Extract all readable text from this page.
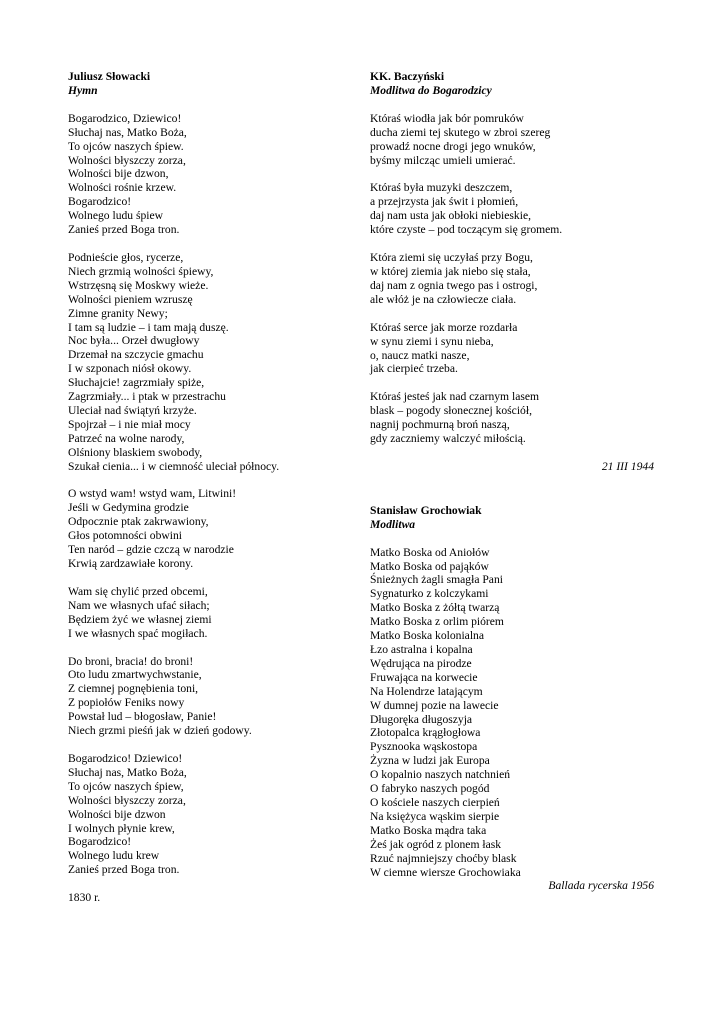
Juliusz Słowacki

Hymn

Bogarodzico, Dziewico!
Słuchaj nas, Matko Boża,
To ojców naszych śpiew.
Wolności błyszczy zorza,
Wolności bije dzwon,
Wolności rośnie krzew.
Bogarodzico!
Wolnego ludu śpiew
Zanieś przed Boga tron.
Podnieście głos, rycerze,
Niech grzmią wolności śpiewy,
Wstrzęsną się Moskwy wieże.
Wolności pieniem wzruszę
Zimne granity Newy;
I tam są ludzie – i tam mają duszę.
Noc była... Orzeł dwugłowy
Drzemał na szczycie gmachu
I w szponach niósł okowy.
Słuchajcie! zagrzmiały spiże,
Zagrzmiały... i ptak w przestrachu
Uleciał nad świątyń krzyże.
Spojrzał – i nie miał mocy
Patrzeć na wolne narody,
Olśniony blaskiem swobody,
Szukał cienia... i w ciemność uleciał północy.
O wstyd wam! wstyd wam, Litwini!
Jeśli w Gedymina grodzie
Odpocznie ptak zakrwawiony,
Głos potomności obwini
Ten naród – gdzie czczą w narodzie
Krwią zardzawiałe korony.
Wam się chylić przed obcemi,
Nam we własnych ufać siłach;
Będziem żyć we własnej ziemi
I we własnych spać mogiłach.
Do broni, bracia! do broni!
Oto ludu zmartwychwstanie,
Z ciemnej pognębienia toni,
Z popiołów Feniks nowy
Powstał lud – błogosław, Panie!
Niech grzmi pieśń jak w dzień godowy.
Bogarodzico! Dziewico!
Słuchaj nas, Matko Boża,
To ojców naszych śpiew,
Wolności błyszczy zorza,
Wolności bije dzwon
I wolnych płynie krew,
Bogarodzico!
Wolnego ludu krew
Zanieś przed Boga tron.

1830 r.

KK. Baczyński

Modlitwa do Bogarodzicy

Któraś wiodła jak bór pomruków
ducha ziemi tej skutego w zbroi szereg
prowadź nocne drogi jego wnuków,
byśmy milcząc umieli umierać.
Któraś była muzyki deszczem,
a przejrzysta jak świt i płomień,
daj nam usta jak obłoki niebieskie,
które czyste – pod toczącym się gromem.
Która ziemi się uczyłaś przy Bogu,
w której ziemia jak niebo się stała,
daj nam z ognia twego pas i ostrogi,
ale włóż je na człowiecze ciała.
Któraś serce jak morze rozdarła
w synu ziemi i synu nieba,
o, naucz matki nasze,
jak cierpieć trzeba.
Któraś jesteś jak nad czarnym lasem
blask – pogody słonecznej kościół,
nagnij pochmurną broń naszą,
gdy zaczniemy walczyć miłością.

21 III 1944

Stanisław Grochowiak

Modlitwa

Matko Boska od Aniołów
Matko Boska od pająków
Śnieżnych żagli smagła Pani
Sygnaturko z kolczykami
Matko Boska z żółtą twarzą
Matko Boska z orlim piórem
Matko Boska kolonialna
Łzo astralna i kopalna
Wędrująca na pirodze
Fruwająca na korwecie
Na Holendrze latającym
W dumnej pozie na lawecie
Długoręka długoszyja
Złotopalca krągłogłowa
Pysznooka wąskostopa
Żyzna w ludzi jak Europa
O kopalnio naszych natchnień
O fabryko naszych pogód
O kościele naszych cierpień
Na księżyca wąskim sierpie
Matko Boska mądra taka
Żeś jak ogród z plonem łask
Rzuć najmniejszy choćby blask
W ciemne wiersze Grochowiaka

Ballada rycerska 1956
